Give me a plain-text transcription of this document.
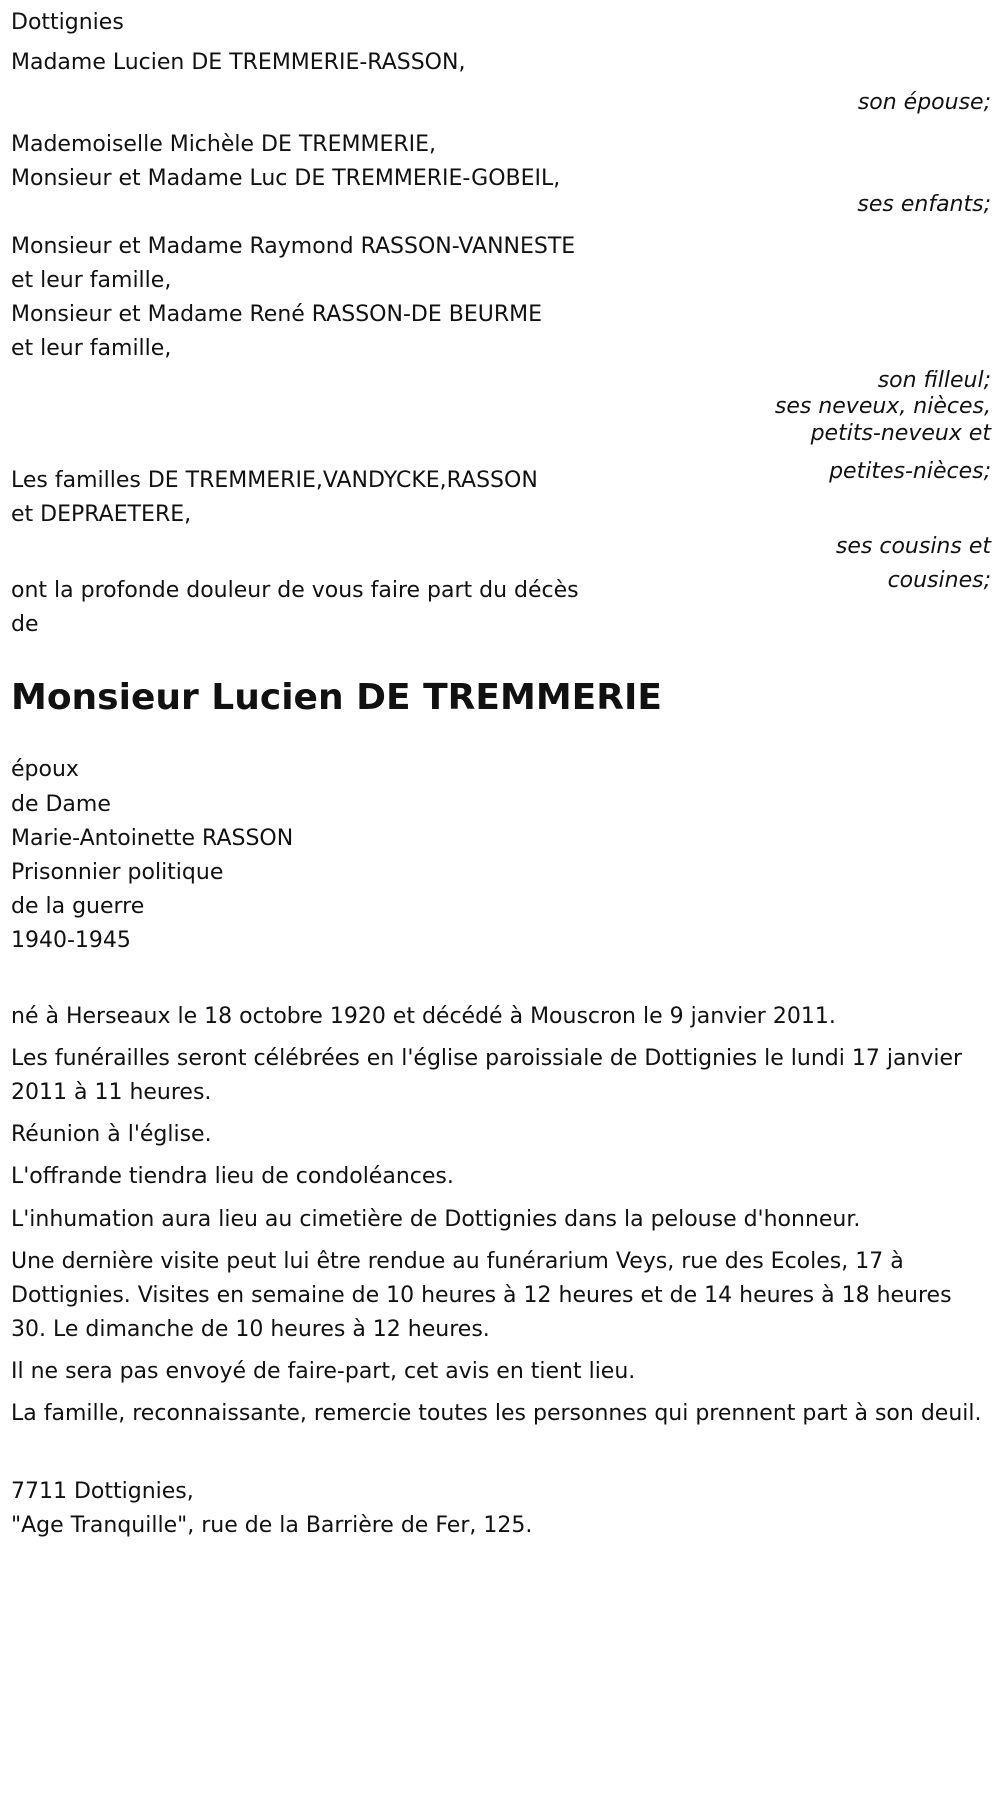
Dottignies
Madame Lucien DE TREMMERIE-RASSON,
son épouse;
Mademoiselle Michèle DE TREMMERIE,
Monsieur et Madame Luc DE TREMMERIE-GOBEIL,
ses enfants;
Monsieur et Madame Raymond RASSON-VANNESTE
et leur famille,
Monsieur et Madame René RASSON-DE BEURME
et leur famille,
son filleul;
ses neveux, nièces,
petits-neveux et
petites-nièces;
Les familles DE TREMMERIE,VANDYCKE,RASSON
et DEPRAETERE,
ses cousins et
cousines;
ont la profonde douleur de vous faire part du décès
de
Monsieur Lucien DE TREMMERIE
époux
de Dame
Marie-Antoinette RASSON
Prisonnier politique
de la guerre
1940-1945
né à Herseaux le 18 octobre 1920 et décédé à Mouscron le 9 janvier 2011.
Les funérailles seront célébrées en l'église paroissiale de Dottignies le lundi 17 janvier 2011 à 11 heures.
Réunion à l'église.
L'offrande tiendra lieu de condoléances.
L'inhumation aura lieu au cimetière de Dottignies dans la pelouse d'honneur.
Une dernière visite peut lui être rendue au funérarium Veys, rue des Ecoles, 17 à Dottignies. Visites en semaine de 10 heures à 12 heures et de 14 heures à 18 heures 30. Le dimanche de 10 heures à 12 heures.
Il ne sera pas envoyé de faire-part, cet avis en tient lieu.
La famille, reconnaissante, remercie toutes les personnes qui prennent part à son deuil.
7711 Dottignies,
"Age Tranquille", rue de la Barrière de Fer, 125.
